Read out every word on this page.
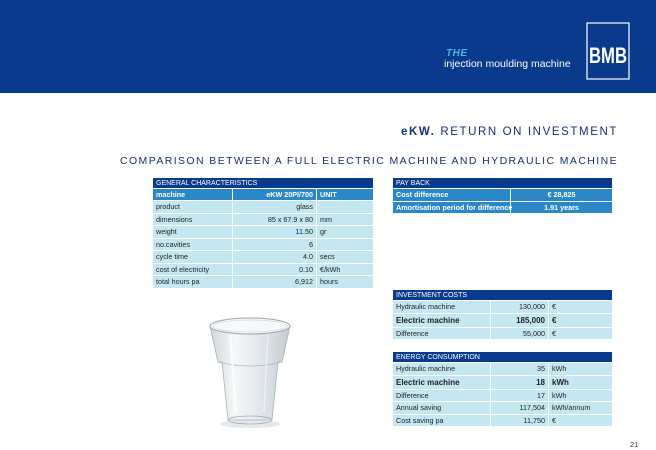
THE
injection moulding machine BMB
eKW. RETURN ON INVESTMENT
COMPARISON BETWEEN A FULL ELECTRIC MACHINE AND HYDRAULIC MACHINE
GENERAL CHARACTERISTICS		
machine	eKW 20PI/700	UNIT
product	glass	
dimensions	85 x 67.9 x 80	mm
weight	11.50	gr
no.cavities	6	
cycle time	4.0	secs
cost of electricity	0.10	€/kWh
total hours pa	6,912	hours
PAY BACK	
Cost difference	€ 28,825
Amortisation period for difference	1.91 years
INVESTMENT COSTS		
Hydraulic machine	130,000	€
Electric machine	185,000	€
Difference	55,000	€
ENERGY CONSUMPTION		
Hydraulic machine	35	kWh
Electric machine	18	kWh
Difference	17	kWh
Annual saving	117,504	kWh/annum
Cost saving pa	11,750	€
21
